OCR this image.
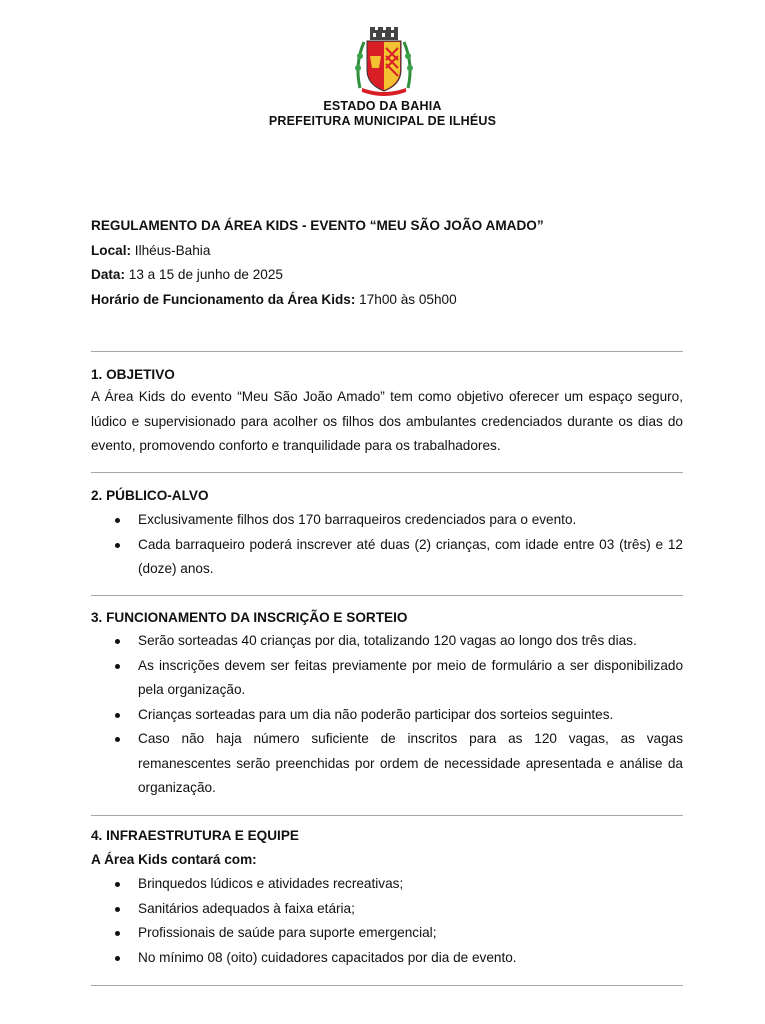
ESTADO DA BAHIA
PREFEITURA MUNICIPAL DE ILHÉUS
REGULAMENTO DA ÁREA KIDS - EVENTO “MEU SÃO JOÃO AMADO”
Local: Ilhéus-Bahia
Data: 13 a 15 de junho de 2025
Horário de Funcionamento da Área Kids: 17h00 às 05h00
1. OBJETIVO
A Área Kids do evento “Meu São João Amado” tem como objetivo oferecer um espaço seguro, lúdico e supervisionado para acolher os filhos dos ambulantes credenciados durante os dias do evento, promovendo conforto e tranquilidade para os trabalhadores.
2. PÚBLICO-ALVO
Exclusivamente filhos dos 170 barraqueiros credenciados para o evento.
Cada barraqueiro poderá inscrever até duas (2) crianças, com idade entre 03 (três) e 12 (doze) anos.
3. FUNCIONAMENTO DA INSCRIÇÃO E SORTEIO
Serão sorteadas 40 crianças por dia, totalizando 120 vagas ao longo dos três dias.
As inscrições devem ser feitas previamente por meio de formulário a ser disponibilizado pela organização.
Crianças sorteadas para um dia não poderão participar dos sorteios seguintes.
Caso não haja número suficiente de inscritos para as 120 vagas, as vagas remanescentes serão preenchidas por ordem de necessidade apresentada e análise da organização.
4. INFRAESTRUTURA E EQUIPE
A Área Kids contará com:
Brinquedos lúdicos e atividades recreativas;
Sanitários adequados à faixa etária;
Profissionais de saúde para suporte emergencial;
No mínimo 08 (oito) cuidadores capacitados por dia de evento.
